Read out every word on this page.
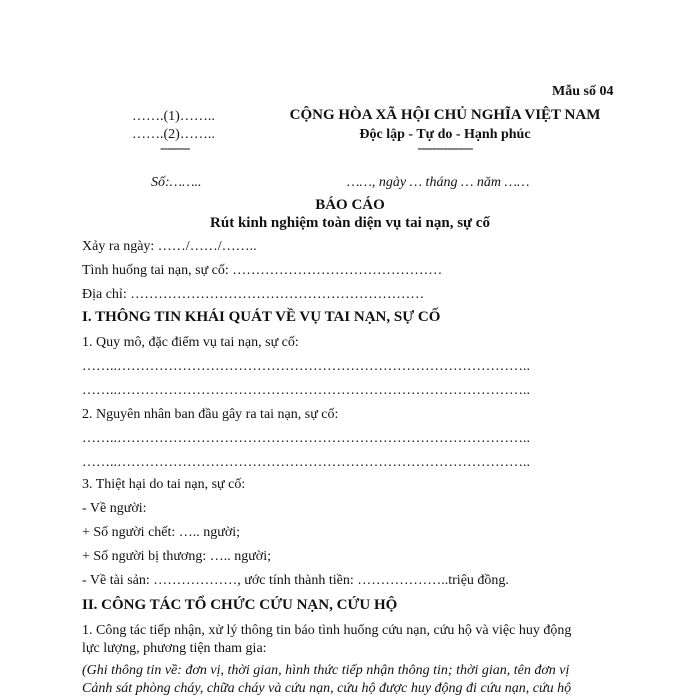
Mẫu số 04
…….(1)……..
…….(2)……..
--------
CỘNG HÒA XÃ HỘI CHỦ NGHĨA VIỆT NAM
Độc lập - Tự do - Hạnh phúc
---------------
Số:……..	……, ngày … tháng … năm ……
BÁO CÁO
Rút kinh nghiệm toàn diện vụ tai nạn, sự cố
Xảy ra ngày: ……/……/……..
Tình huống tai nạn, sự cố: ………………………………………
Địa chỉ: ………………………………………………………
I. THÔNG TIN KHÁI QUÁT VỀ VỤ TAI NẠN, SỰ CỐ
1. Quy mô, đặc điểm vụ tai nạn, sự cố:
……..……………………………………………………………………………..
……..……………………………………………………………………………..
2. Nguyên nhân ban đầu gây ra tai nạn, sự cố:
……..……………………………………………………………………………..
……..……………………………………………………………………………..
3. Thiệt hại do tai nạn, sự cố:
- Về người:
+ Số người chết: ….. người;
+ Số người bị thương: ….. người;
- Về tài sản: ………………, ước tính thành tiền: ………………..triệu đồng.
II. CÔNG TÁC TỔ CHỨC CỨU NẠN, CỨU HỘ
1. Công tác tiếp nhận, xử lý thông tin báo tình huống cứu nạn, cứu hộ và việc huy động
lực lượng, phương tiện tham gia:
(Ghi thông tin về: đơn vị, thời gian, hình thức tiếp nhận thông tin; thời gian, tên đơn vị
Cảnh sát phòng cháy, chữa cháy và cứu nạn, cứu hộ được huy động đi cứu nạn, cứu hộ
